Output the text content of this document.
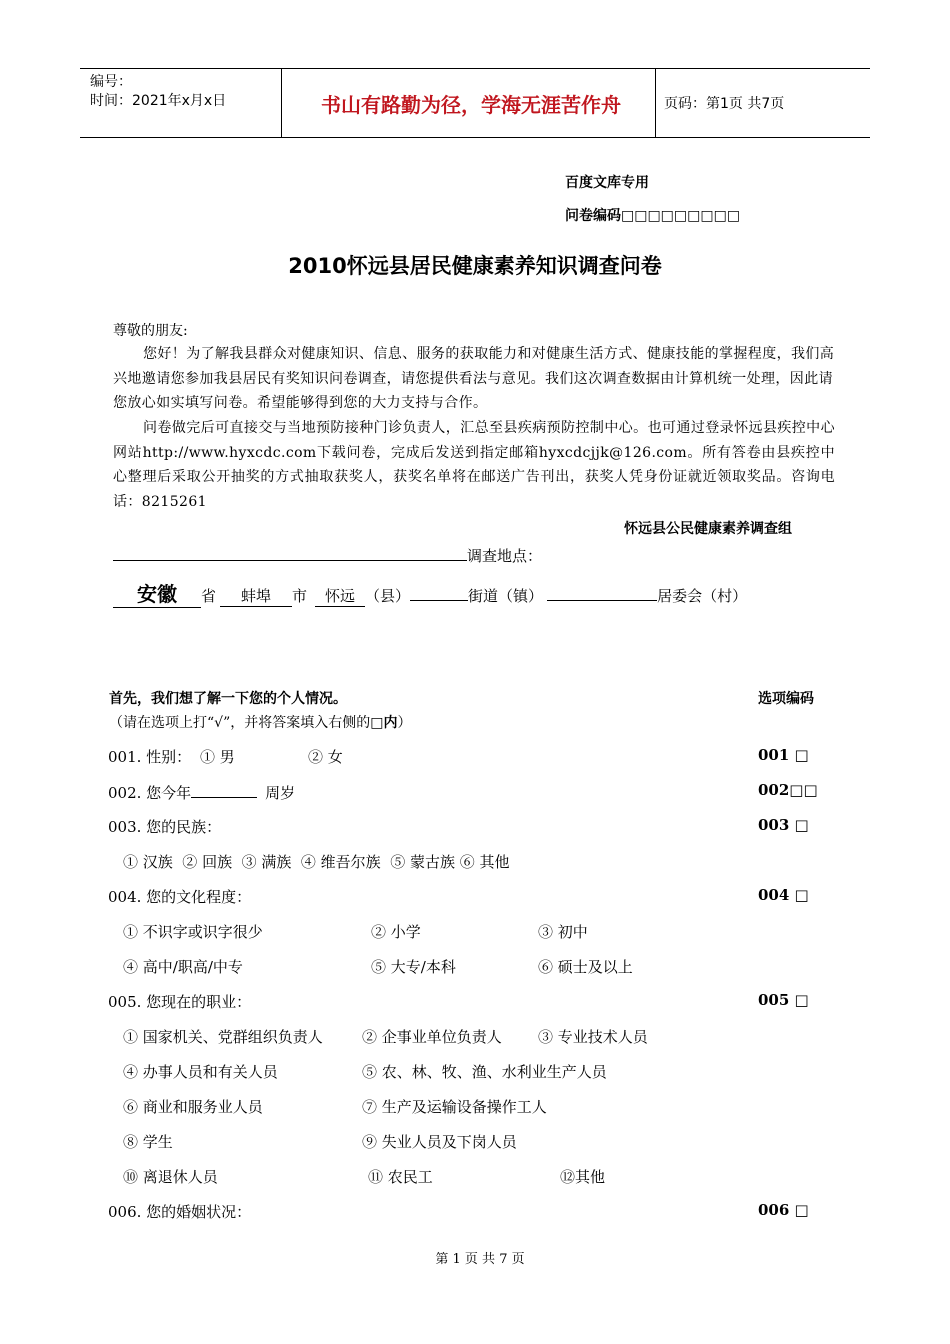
编号：
时间：2021年x月x日	书山有路勤为径，学海无涯苦作舟	页码：第1页 共7页
百度文库专用
问卷编码□□□□□□□□□
2010怀远县居民健康素养知识调查问卷
尊敬的朋友:
您好！为了解我县群众对健康知识、信息、服务的获取能力和对健康生活方式、健康技能的掌握程度，我们高兴地邀请您参加我县居民有奖知识问卷调查，请您提供看法与意见。我们这次调查数据由计算机统一处理，因此请您放心如实填写问卷。希望能够得到您的大力支持与合作。
问卷做完后可直接交与当地预防接种门诊负责人，汇总至县疾病预防控制中心。也可通过登录怀远县疾控中心网站http://www.hyxcdc.com下载问卷，完成后发送到指定邮箱hyxcdcjjk@126.com。所有答卷由县疾控中心整理后采取公开抽奖的方式抽取获奖人，获奖名单将在邮送广告刊出，获奖人凭身份证就近领取奖品。咨询电话：8215261
怀远县公民健康素养调查组
调查地点：
安徽 省 蚌埠 市 怀远 （县）	街道（镇）	居委会（村）
首先，我们想了解一下您的个人情况。	选项编码
（请在选项上打“√”，并将答案填入右侧的□内）
001. 性别： ① 男	② 女	001 □
002. 您今年	周岁	002□□
003. 您的民族：	003 □
① 汉族  ② 回族  ③ 满族  ④ 维吾尔族  ⑤ 蒙古族 ⑥ 其他
004. 您的文化程度：	004 □
① 不识字或识字很少	② 小学	③ 初中
④ 高中/职高/中专	⑤ 大专/本科	⑥ 硕士及以上
005. 您现在的职业：	005 □
① 国家机关、党群组织负责人	② 企事业单位负责人 ③ 专业技术人员
④ 办事人员和有关人员	⑤ 农、林、牧、渔、水利业生产人员
⑥ 商业和服务业人员	⑦ 生产及运输设备操作工人
⑧ 学生	⑨ 失业人员及下岗人员
⑩ 离退休人员	⑪ 农民工	⑫其他
006. 您的婚姻状况：	006 □
第 1 页 共 7 页
